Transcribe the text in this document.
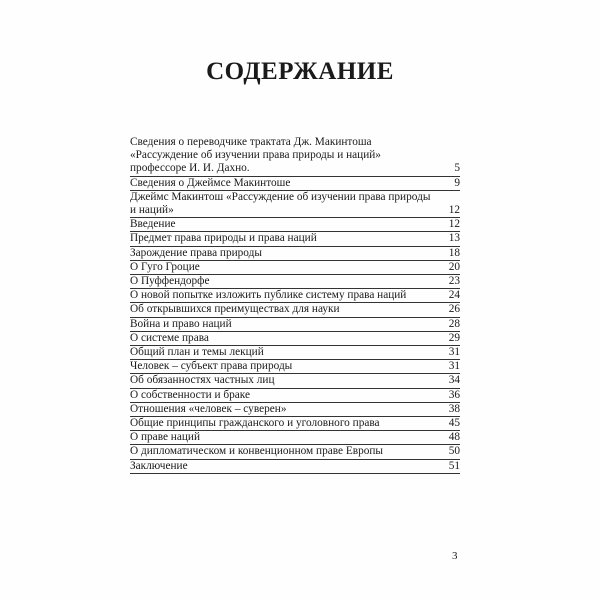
СОДЕРЖАНИЕ
Сведения о переводчике трактата Дж. Макинтоша
«Рассуждение об изучении права природы и наций»
профессоре И. И. Дахно.	5
Сведения о Джеймсе Макинтоше	9
Джеймс Макинтош «Рассуждение об изучении права природы
и наций»	12
Введение	12
Предмет права природы и права наций	13
Зарождение права природы	18
О Гуго Гроцие	20
О Пуффендорфе	23
О новой попытке изложить публике систему права наций	24
Об открывшихся преимуществах для науки	26
Война и право наций	28
О системе права	29
Общий план и темы лекций	31
Человек – субъект права природы	31
Об обязанностях частных лиц	34
О собственности и браке	36
Отношения «человек – суверен»	38
Общие принципы гражданского и уголовного права	45
О праве наций	48
О дипломатическом и конвенционном праве Европы	50
Заключение	51
3
